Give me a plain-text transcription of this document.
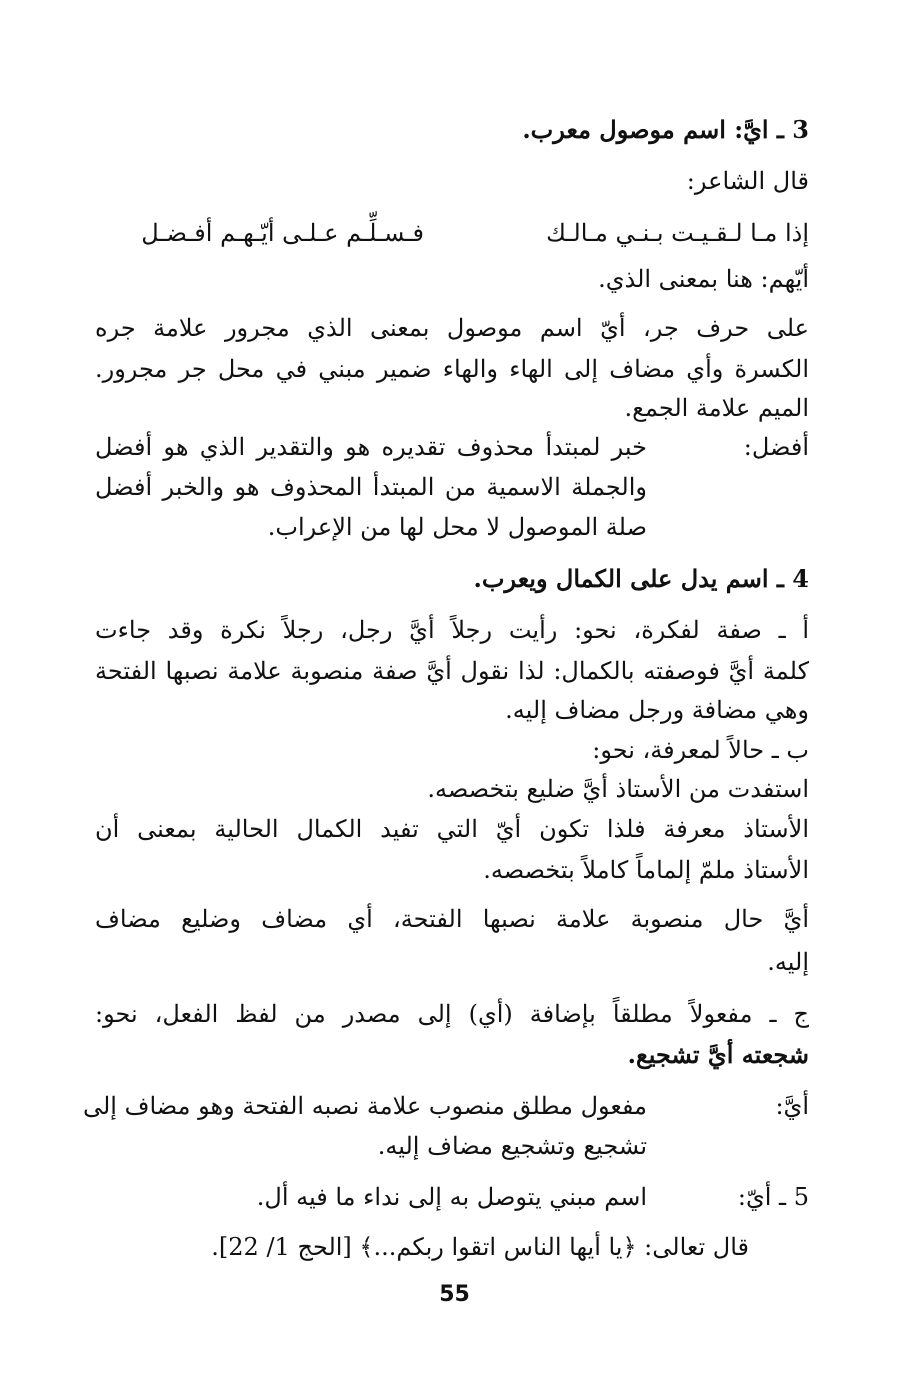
3 ـ ايَّ: اسم موصول معرب.
قال الشاعر:
إذا مـا لـقـيـت بـنـي مـالـك
فـسـلِّـم عـلـى أيّـهـم أفـضـل
أيّهم: هنا بمعنى الذي.
على حرف جر، أيّ اسم موصول بمعنى الذي مجرور علامة جره
الكسرة وأي مضاف إلى الهاء والهاء ضمير مبني في محل جر مجرور.
الميم علامة الجمع.
أفضل:
خبر لمبتدأ محذوف تقديره هو والتقدير الذي هو أفضل
والجملة الاسمية من المبتدأ المحذوف هو والخبر أفضل
صلة الموصول لا محل لها من الإعراب.
4 ـ اسم يدل على الكمال ويعرب.
أ ـ صفة لفكرة، نحو: رأيت رجلاً أيَّ رجل، رجلاً نكرة وقد جاءت
كلمة أيَّ فوصفته بالكمال: لذا نقول أيَّ صفة منصوبة علامة نصبها الفتحة
وهي مضافة ورجل مضاف إليه.
ب ـ حالاً لمعرفة، نحو:
استفدت من الأستاذ أيَّ ضليع بتخصصه.
الأستاذ معرفة فلذا تكون أيّ التي تفيد الكمال الحالية بمعنى أن
الأستاذ ملمّ إلماماً كاملاً بتخصصه.
أيَّ حال منصوبة علامة نصبها الفتحة، أي مضاف وضليع مضاف
إليه.
ج ـ مفعولاً مطلقاً بإضافة (أي) إلى مصدر من لفظ الفعل، نحو:
شجعته أيَّ تشجيع.
أيَّ:
مفعول مطلق منصوب علامة نصبه الفتحة وهو مضاف إلى
تشجيع وتشجيع مضاف إليه.
5 ـ أيّ:
اسم مبني يتوصل به إلى نداء ما فيه أل.
قال تعالى: ﴿يا أيها الناس اتقوا ربكم...﴾ [الحج 1/ 22].
55
